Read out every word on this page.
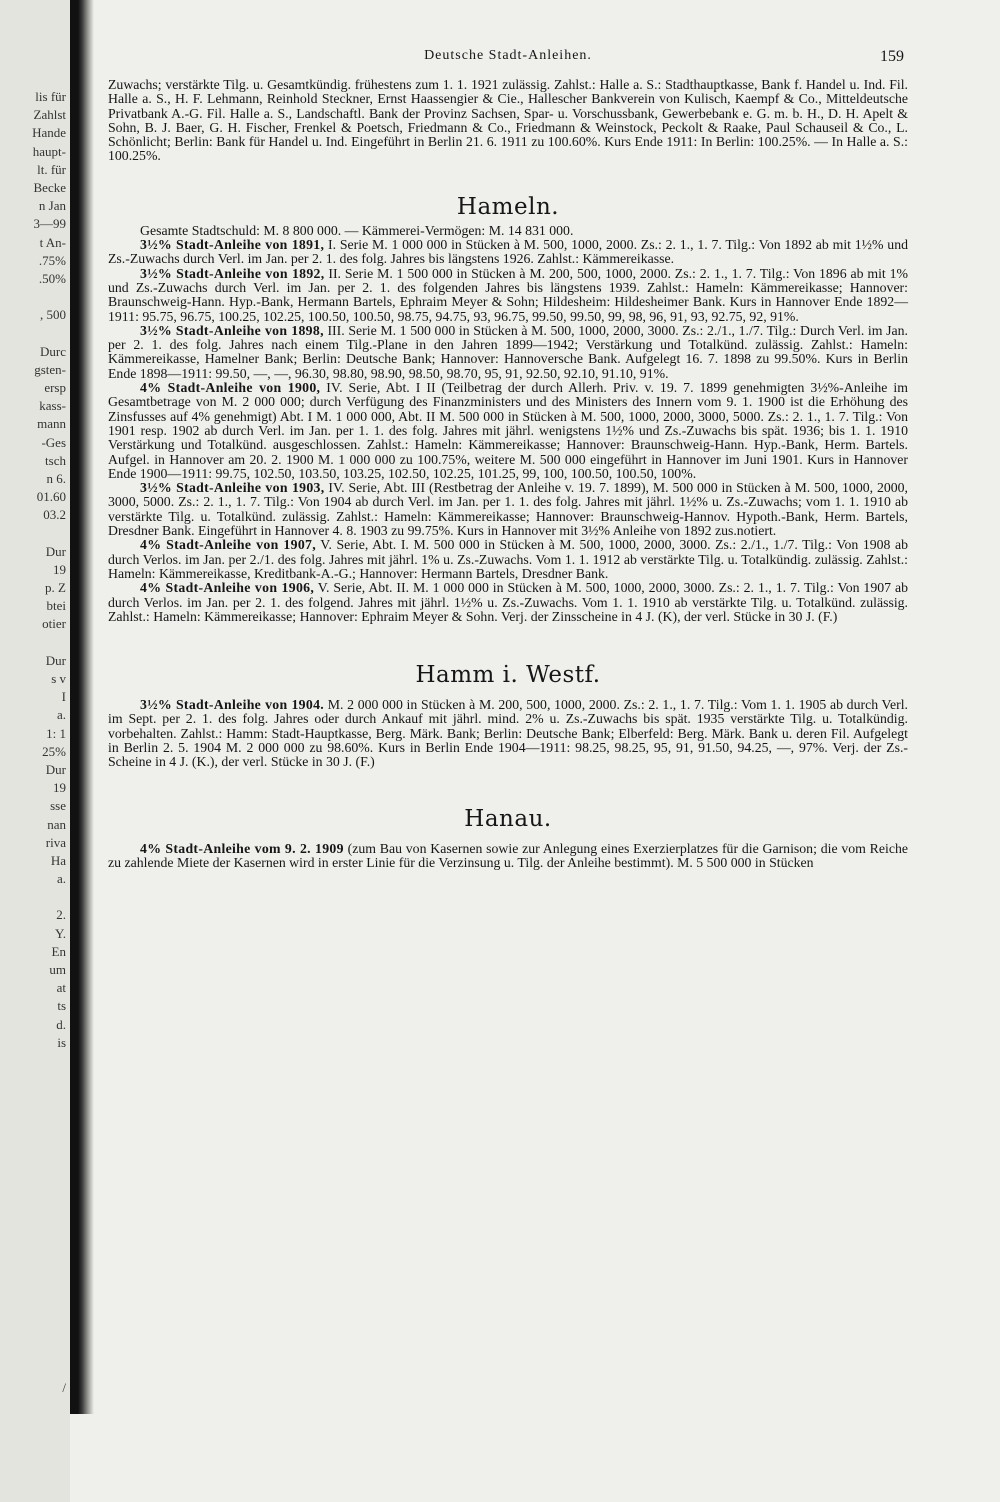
lis für
Zahlst
Hande
haupt-
lt. für
Becke
n Jan
3—99
t An-
.75%
.50%
, 500
Durc
gsten-
ersp
kass-
mann
-Ges
tsch
n 6.
01.60
03.2
Dur
19
p. Z
btei
otier
Dur
s v
I
a.
1: 1
25%
Dur
19
sse
nan
riva
Ha
a.
2.
Y.
En
um
at
ts
d.
is
/
Deutsche Stadt-Anleihen.	159

Zuwachs; verstärkte Tilg. u. Gesamtkündig. frühestens zum 1. 1. 1921 zulässig. Zahlst.: Halle a. S.: Stadthauptkasse, Bank f. Handel u. Ind. Fil. Halle a. S., H. F. Lehmann, Reinhold Steckner, Ernst Haassengier & Cie., Hallescher Bankverein von Kulisch, Kaempf & Co., Mitteldeutsche Privatbank A.-G. Fil. Halle a. S., Landschaftl. Bank der Provinz Sachsen, Spar- u. Vorschussbank, Gewerbebank e. G. m. b. H., D. H. Apelt & Sohn, B. J. Baer, G. H. Fischer, Frenkel & Poetsch, Friedmann & Co., Friedmann & Weinstock, Peckolt & Raake, Paul Schauseil & Co., L. Schönlicht; Berlin: Bank für Handel u. Ind. Eingeführt in Berlin 21. 6. 1911 zu 100.60%. Kurs Ende 1911: In Berlin: 100.25%. — In Halle a. S.: 100.25%.

Hameln.

Gesamte Stadtschuld: M. 8 800 000. — Kämmerei-Vermögen: M. 14 831 000.

3½% Stadt-Anleihe von 1891, I. Serie M. 1 000 000 in Stücken à M. 500, 1000, 2000. Zs.: 2. 1., 1. 7. Tilg.: Von 1892 ab mit 1½% und Zs.-Zuwachs durch Verl. im Jan. per 2. 1. des folg. Jahres bis längstens 1926. Zahlst.: Kämmereikasse.

3½% Stadt-Anleihe von 1892, II. Serie M. 1 500 000 in Stücken à M. 200, 500, 1000, 2000. Zs.: 2. 1., 1. 7. Tilg.: Von 1896 ab mit 1% und Zs.-Zuwachs durch Verl. im Jan. per 2. 1. des folgenden Jahres bis längstens 1939. Zahlst.: Hameln: Kämmereikasse; Hannover: Braunschweig-Hann. Hyp.-Bank, Hermann Bartels, Ephraim Meyer & Sohn; Hildesheim: Hildesheimer Bank. Kurs in Hannover Ende 1892—1911: 95.75, 96.75, 100.25, 102.25, 100.50, 100.50, 98.75, 94.75, 93, 96.75, 99.50, 99.50, 99, 98, 96, 91, 93, 92.75, 92, 91%.

3½% Stadt-Anleihe von 1898, III. Serie M. 1 500 000 in Stücken à M. 500, 1000, 2000, 3000. Zs.: 2./1., 1./7. Tilg.: Durch Verl. im Jan. per 2. 1. des folg. Jahres nach einem Tilg.-Plane in den Jahren 1899—1942; Verstärkung und Totalkünd. zulässig. Zahlst.: Hameln: Kämmereikasse, Hamelner Bank; Berlin: Deutsche Bank; Hannover: Hannoversche Bank. Aufgelegt 16. 7. 1898 zu 99.50%. Kurs in Berlin Ende 1898—1911: 99.50, —, —, 96.30, 98.80, 98.90, 98.50, 98.70, 95, 91, 92.50, 92.10, 91.10, 91%.

4% Stadt-Anleihe von 1900, IV. Serie, Abt. I II (Teilbetrag der durch Allerh. Priv. v. 19. 7. 1899 genehmigten 3½%-Anleihe im Gesamtbetrage von M. 2 000 000; durch Verfügung des Finanzministers und des Ministers des Innern vom 9. 1. 1900 ist die Erhöhung des Zinsfusses auf 4% genehmigt) Abt. I M. 1 000 000, Abt. II M. 500 000 in Stücken à M. 500, 1000, 2000, 3000, 5000. Zs.: 2. 1., 1. 7. Tilg.: Von 1901 resp. 1902 ab durch Verl. im Jan. per 1. 1. des folg. Jahres mit jährl. wenigstens 1½% und Zs.-Zuwachs bis spät. 1936; bis 1. 1. 1910 Verstärkung und Totalkünd. ausgeschlossen. Zahlst.: Hameln: Kämmereikasse; Hannover: Braunschweig-Hann. Hyp.-Bank, Herm. Bartels. Aufgel. in Hannover am 20. 2. 1900 M. 1 000 000 zu 100.75%, weitere M. 500 000 eingeführt in Hannover im Juni 1901. Kurs in Hannover Ende 1900—1911: 99.75, 102.50, 103.50, 103.25, 102.50, 102.25, 101.25, 99, 100, 100.50, 100.50, 100%.

3½% Stadt-Anleihe von 1903, IV. Serie, Abt. III (Restbetrag der Anleihe v. 19. 7. 1899), M. 500 000 in Stücken à M. 500, 1000, 2000, 3000, 5000. Zs.: 2. 1., 1. 7. Tilg.: Von 1904 ab durch Verl. im Jan. per 1. 1. des folg. Jahres mit jährl. 1½% u. Zs.-Zuwachs; vom 1. 1. 1910 ab verstärkte Tilg. u. Totalkünd. zulässig. Zahlst.: Hameln: Kämmereikasse; Hannover: Braunschweig-Hannov. Hypoth.-Bank, Herm. Bartels, Dresdner Bank. Eingeführt in Hannover 4. 8. 1903 zu 99.75%. Kurs in Hannover mit 3½% Anleihe von 1892 zus.notiert.

4% Stadt-Anleihe von 1907, V. Serie, Abt. I. M. 500 000 in Stücken à M. 500, 1000, 2000, 3000. Zs.: 2./1., 1./7. Tilg.: Von 1908 ab durch Verlos. im Jan. per 2./1. des folg. Jahres mit jährl. 1% u. Zs.-Zuwachs. Vom 1. 1. 1912 ab verstärkte Tilg. u. Totalkündig. zulässig. Zahlst.: Hameln: Kämmereikasse, Kreditbank-A.-G.; Hannover: Hermann Bartels, Dresdner Bank.

4% Stadt-Anleihe von 1906, V. Serie, Abt. II. M. 1 000 000 in Stücken à M. 500, 1000, 2000, 3000. Zs.: 2. 1., 1. 7. Tilg.: Von 1907 ab durch Verlos. im Jan. per 2. 1. des folgend. Jahres mit jährl. 1½% u. Zs.-Zuwachs. Vom 1. 1. 1910 ab verstärkte Tilg. u. Totalkünd. zulässig. Zahlst.: Hameln: Kämmereikasse; Hannover: Ephraim Meyer & Sohn. Verj. der Zinsscheine in 4 J. (K), der verl. Stücke in 30 J. (F.)

Hamm i. Westf.

3½% Stadt-Anleihe von 1904. M. 2 000 000 in Stücken à M. 200, 500, 1000, 2000. Zs.: 2. 1., 1. 7. Tilg.: Vom 1. 1. 1905 ab durch Verl. im Sept. per 2. 1. des folg. Jahres oder durch Ankauf mit jährl. mind. 2% u. Zs.-Zuwachs bis spät. 1935 verstärkte Tilg. u. Totalkündig. vorbehalten. Zahlst.: Hamm: Stadt-Hauptkasse, Berg. Märk. Bank; Berlin: Deutsche Bank; Elberfeld: Berg. Märk. Bank u. deren Fil. Aufgelegt in Berlin 2. 5. 1904 M. 2 000 000 zu 98.60%. Kurs in Berlin Ende 1904—1911: 98.25, 98.25, 95, 91, 91.50, 94.25, —, 97%. Verj. der Zs.-Scheine in 4 J. (K.), der verl. Stücke in 30 J. (F.)

Hanau.

4% Stadt-Anleihe vom 9. 2. 1909 (zum Bau von Kasernen sowie zur Anlegung eines Exerzierplatzes für die Garnison; die vom Reiche zu zahlende Miete der Kasernen wird in erster Linie für die Verzinsung u. Tilg. der Anleihe bestimmt). M. 5 500 000 in Stücken
